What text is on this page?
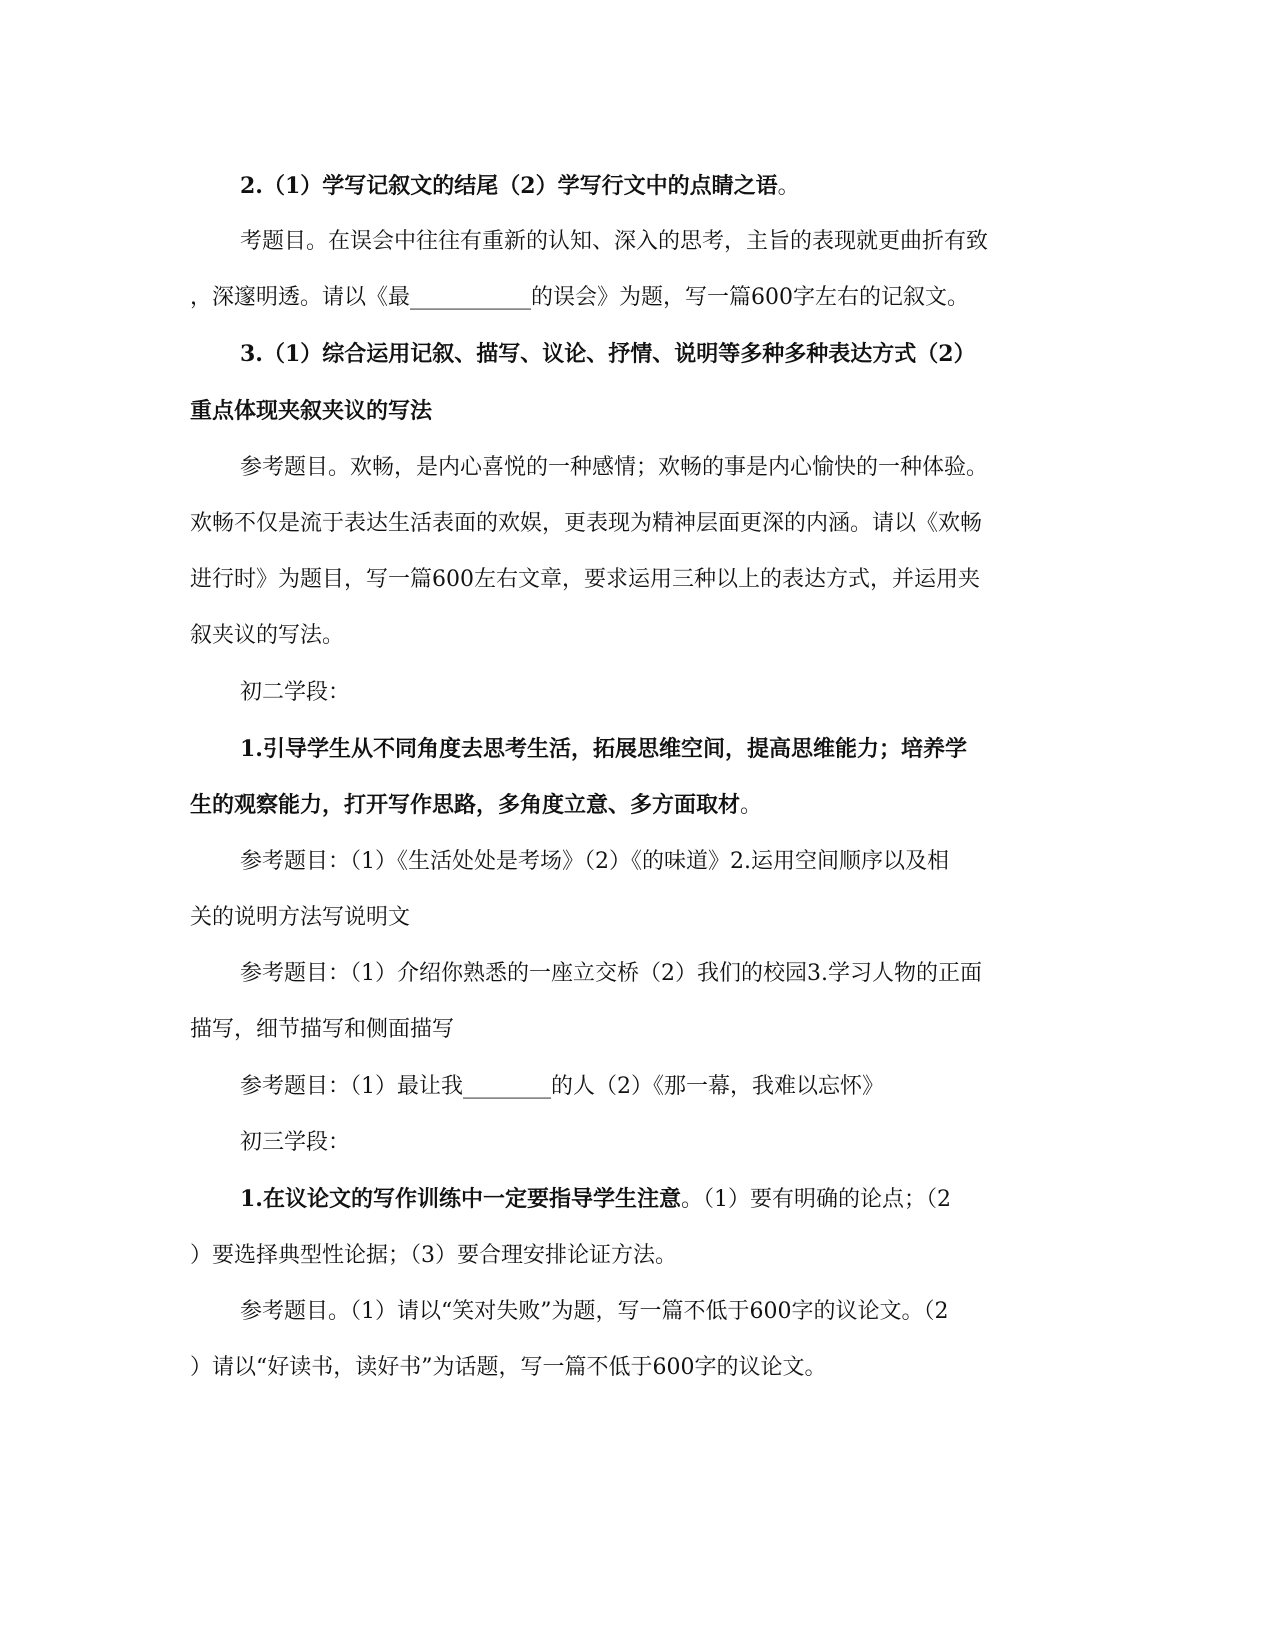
2.（1）学写记叙文的结尾（2）学写行文中的点睛之语。
考题目。在误会中往往有重新的认知、深入的思考，主旨的表现就更曲折有致
，深邃明透。请以《最___________的误会》为题，写一篇600字左右的记叙文。
3.（1）综合运用记叙、描写、议论、抒情、说明等多种多种表达方式（2）
重点体现夹叙夹议的写法
参考题目。欢畅，是内心喜悦的一种感情；欢畅的事是内心愉快的一种体验。
欢畅不仅是流于表达生活表面的欢娱，更表现为精神层面更深的内涵。请以《欢畅
进行时》为题目，写一篇600左右文章，要求运用三种以上的表达方式，并运用夹
叙夹议的写法。
初二学段：
1.引导学生从不同角度去思考生活，拓展思维空间，提高思维能力；培养学
生的观察能力，打开写作思路，多角度立意、多方面取材。
参考题目：（1）《生活处处是考场》（2）《的味道》2.运用空间顺序以及相
关的说明方法写说明文
参考题目：（1）介绍你熟悉的一座立交桥（2）我们的校园3.学习人物的正面
描写，细节描写和侧面描写
参考题目：（1）最让我________的人（2）《那一幕，我难以忘怀》
初三学段：
1.在议论文的写作训练中一定要指导学生注意。（1）要有明确的论点；（2
）要选择典型性论据；（3）要合理安排论证方法。
参考题目。（1）请以“笑对失败”为题，写一篇不低于600字的议论文。（2
）请以“好读书，读好书”为话题，写一篇不低于600字的议论文。
